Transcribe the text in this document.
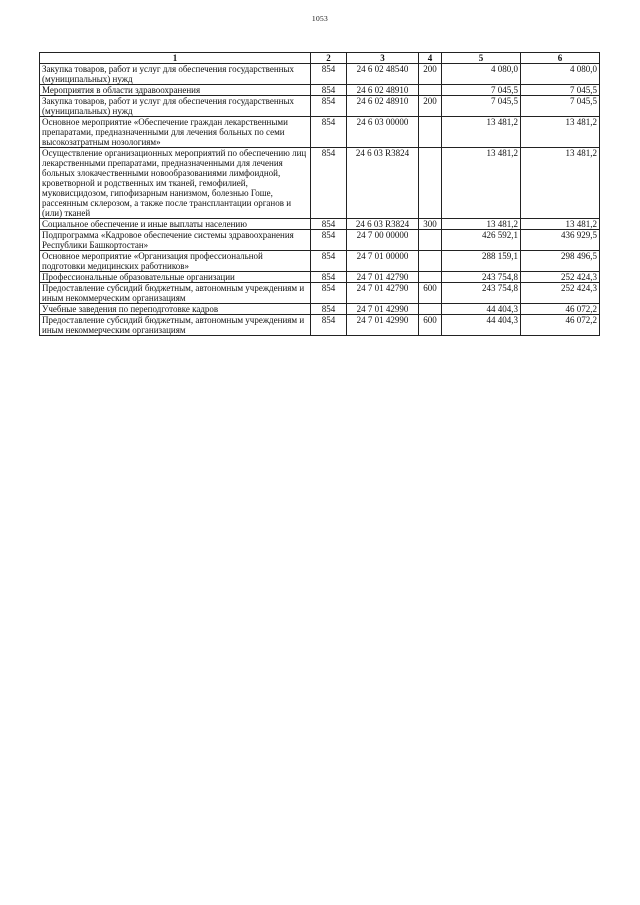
1053
1	2	3	4	5	6
Закупка товаров, работ и услуг для обеспечения государственных (муниципальных) нужд	854	24 6 02 48540	200	4 080,0	4 080,0
Мероприятия в области здравоохранения	854	24 6 02 48910		7 045,5	7 045,5
Закупка товаров, работ и услуг для обеспечения государственных (муниципальных) нужд	854	24 6 02 48910	200	7 045,5	7 045,5
Основное мероприятие «Обеспечение граждан лекарственными препаратами, предназначенными для лечения больных по семи высокозатратным нозологиям»	854	24 6 03 00000		13 481,2	13 481,2
Осуществление организационных мероприятий по обеспечению лиц лекарственными препаратами, предназначенными для лечения больных злокачественными новообразованиями лимфоидной, кроветворной и родственных им тканей, гемофилией, муковисцидозом, гипофизарным нанизмом, болезнью Гоше, рассеянным склерозом, а также после трансплантации органов и (или) тканей	854	24 6 03 R3824		13 481,2	13 481,2
Социальное обеспечение и иные выплаты населению	854	24 6 03 R3824	300	13 481,2	13 481,2
Подпрограмма «Кадровое обеспечение системы здравоохранения Республики Башкортостан»	854	24 7 00 00000		426 592,1	436 929,5
Основное мероприятие «Организация профессиональной подготовки медицинских работников»	854	24 7 01 00000		288 159,1	298 496,5
Профессиональные образовательные организации	854	24 7 01 42790		243 754,8	252 424,3
Предоставление субсидий бюджетным, автономным учреждениям и иным некоммерческим организациям	854	24 7 01 42790	600	243 754,8	252 424,3
Учебные заведения по переподготовке кадров	854	24 7 01 42990		44 404,3	46 072,2
Предоставление субсидий бюджетным, автономным учреждениям и иным некоммерческим организациям	854	24 7 01 42990	600	44 404,3	46 072,2
